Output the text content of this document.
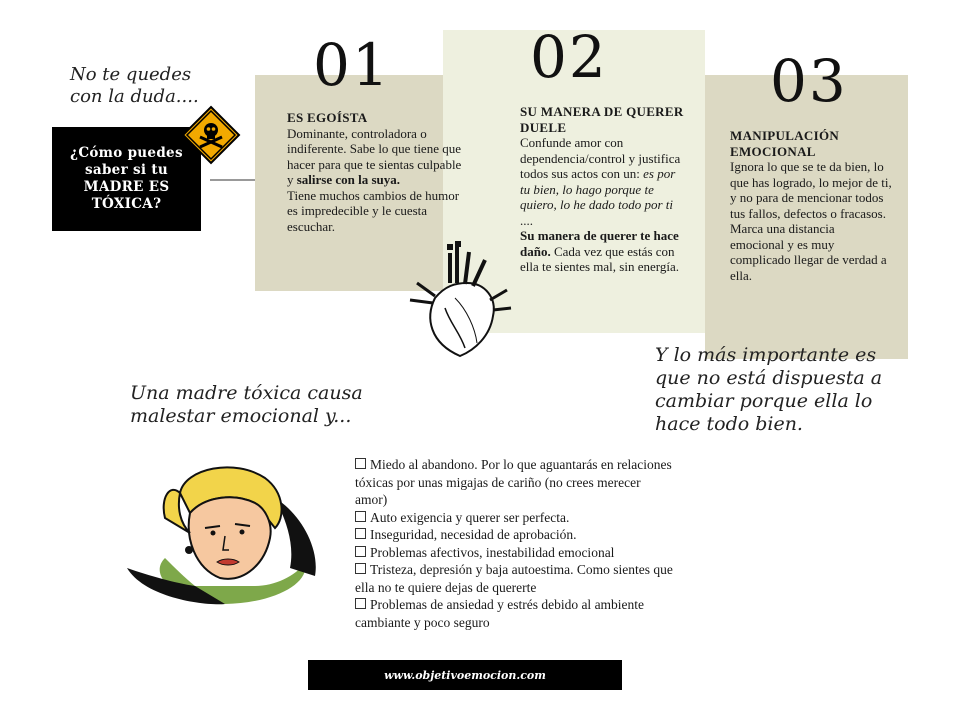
No te quedes
con la duda....
¿Cómo puedes
saber si tu
MADRE ES
TÓXICA?
01 02	03
ES EGOÍSTA
Dominante, controladora o indiferente. Sabe lo que tiene que hacer para que te sientas culpable y salirse con la suya.
Tiene muchos cambios de humor es impredecible y le cuesta escuchar.
SU MANERA DE QUERER DUELE
Confunde amor con dependencia/control y justifica todos sus actos con un: es por tu bien, lo hago porque te quiero, lo he dado todo por ti ....
Su manera de querer te hace daño. Cada vez que estás con ella te sientes mal, sin energía.
MANIPULACIÓN EMOCIONAL
Ignora lo que se te da bien, lo que has logrado, lo mejor de ti, y no para de mencionar todos tus fallos, defectos o fracasos. Marca una distancia emocional y es muy complicado llegar de verdad a ella.
Y lo más importante es que no está dispuesta a cambiar porque ella lo hace todo bien.
Una madre tóxica causa malestar emocional y...
Miedo al abandono. Por lo que aguantarás en relaciones tóxicas por unas migajas de cariño (no crees merecer amor)
Auto exigencia y querer ser perfecta.
Inseguridad, necesidad de aprobación.
Problemas afectivos, inestabilidad emocional
Tristeza, depresión y baja autoestima. Como sientes que ella no te quiere dejas de quererte
Problemas de ansiedad y estrés debido al ambiente cambiante y poco seguro
www.objetivoemocion.com
